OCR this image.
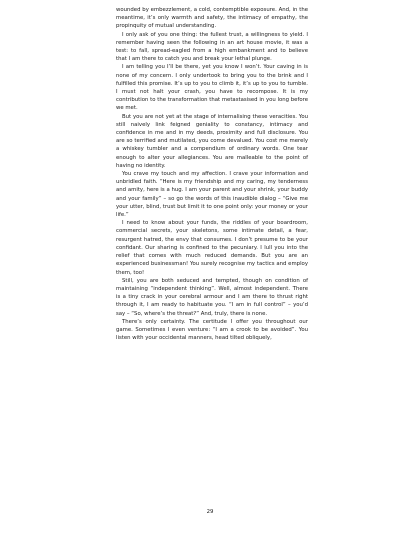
wounded by embezzlement, a cold, contemptible exposure. And, in the meantime, it’s only warmth and safety, the intimacy of empathy, the propinquity of mutual understanding.

I only ask of you one thing: the fullest trust, a willingness to yield. I remember having seen the following in an art house movie, it was a test: to fall, spread-eagled from a high embankment and to believe that I am there to catch you and break your lethal plunge.

I am telling you I’ll be there, yet you know I won’t. Your caving in is none of my concern. I only undertook to bring you to the brink and I fulfilled this promise. It’s up to you to climb it, it’s up to you to tumble. I must not halt your crash, you have to recompose. It is my contribution to the transformation that metastasised in you long before we met.

But you are not yet at the stage of internalising these veracities. You still naively link feigned geniality to constancy, intimacy and confidence in me and in my deeds, proximity and full disclosure. You are so terrified and mutilated, you come devalued. You cost me merely a whiskey tumbler and a compendium of ordinary words. One tear enough to alter your allegiances. You are malleable to the point of having no identity.

You crave my touch and my affection. I crave your information and unbridled faith. “Here is my friendship and my caring, my tenderness and amity, here is a hug. I am your parent and your shrink, your buddy and your family” – so go the words of this inaudible dialog – “Give me your utter, blind, trust but limit it to one point only: your money or your life.”

I need to know about your funds, the riddles of your boardroom, commercial secrets, your skeletons, some intimate detail, a fear, resurgent hatred, the envy that consumes. I don’t presume to be your confidant. Our sharing is confined to the pecuniary. I lull you into the relief that comes with much reduced demands. But you are an experienced businessman! You surely recognise my tactics and employ them, too!

Still, you are both seduced and tempted, though on condition of maintaining “independent thinking”. Well, almost independent. There is a tiny crack in your cerebral armour and I am there to thrust right through it, I am ready to habituate you. “I am in full control” – you’d say – “So, where’s the threat?” And, truly, there is none.

There’s only certainty. The certitude I offer you throughout our game. Sometimes I even venture: “I am a crook to be avoided”. You listen with your occidental manners, head tilted obliquely,

29
